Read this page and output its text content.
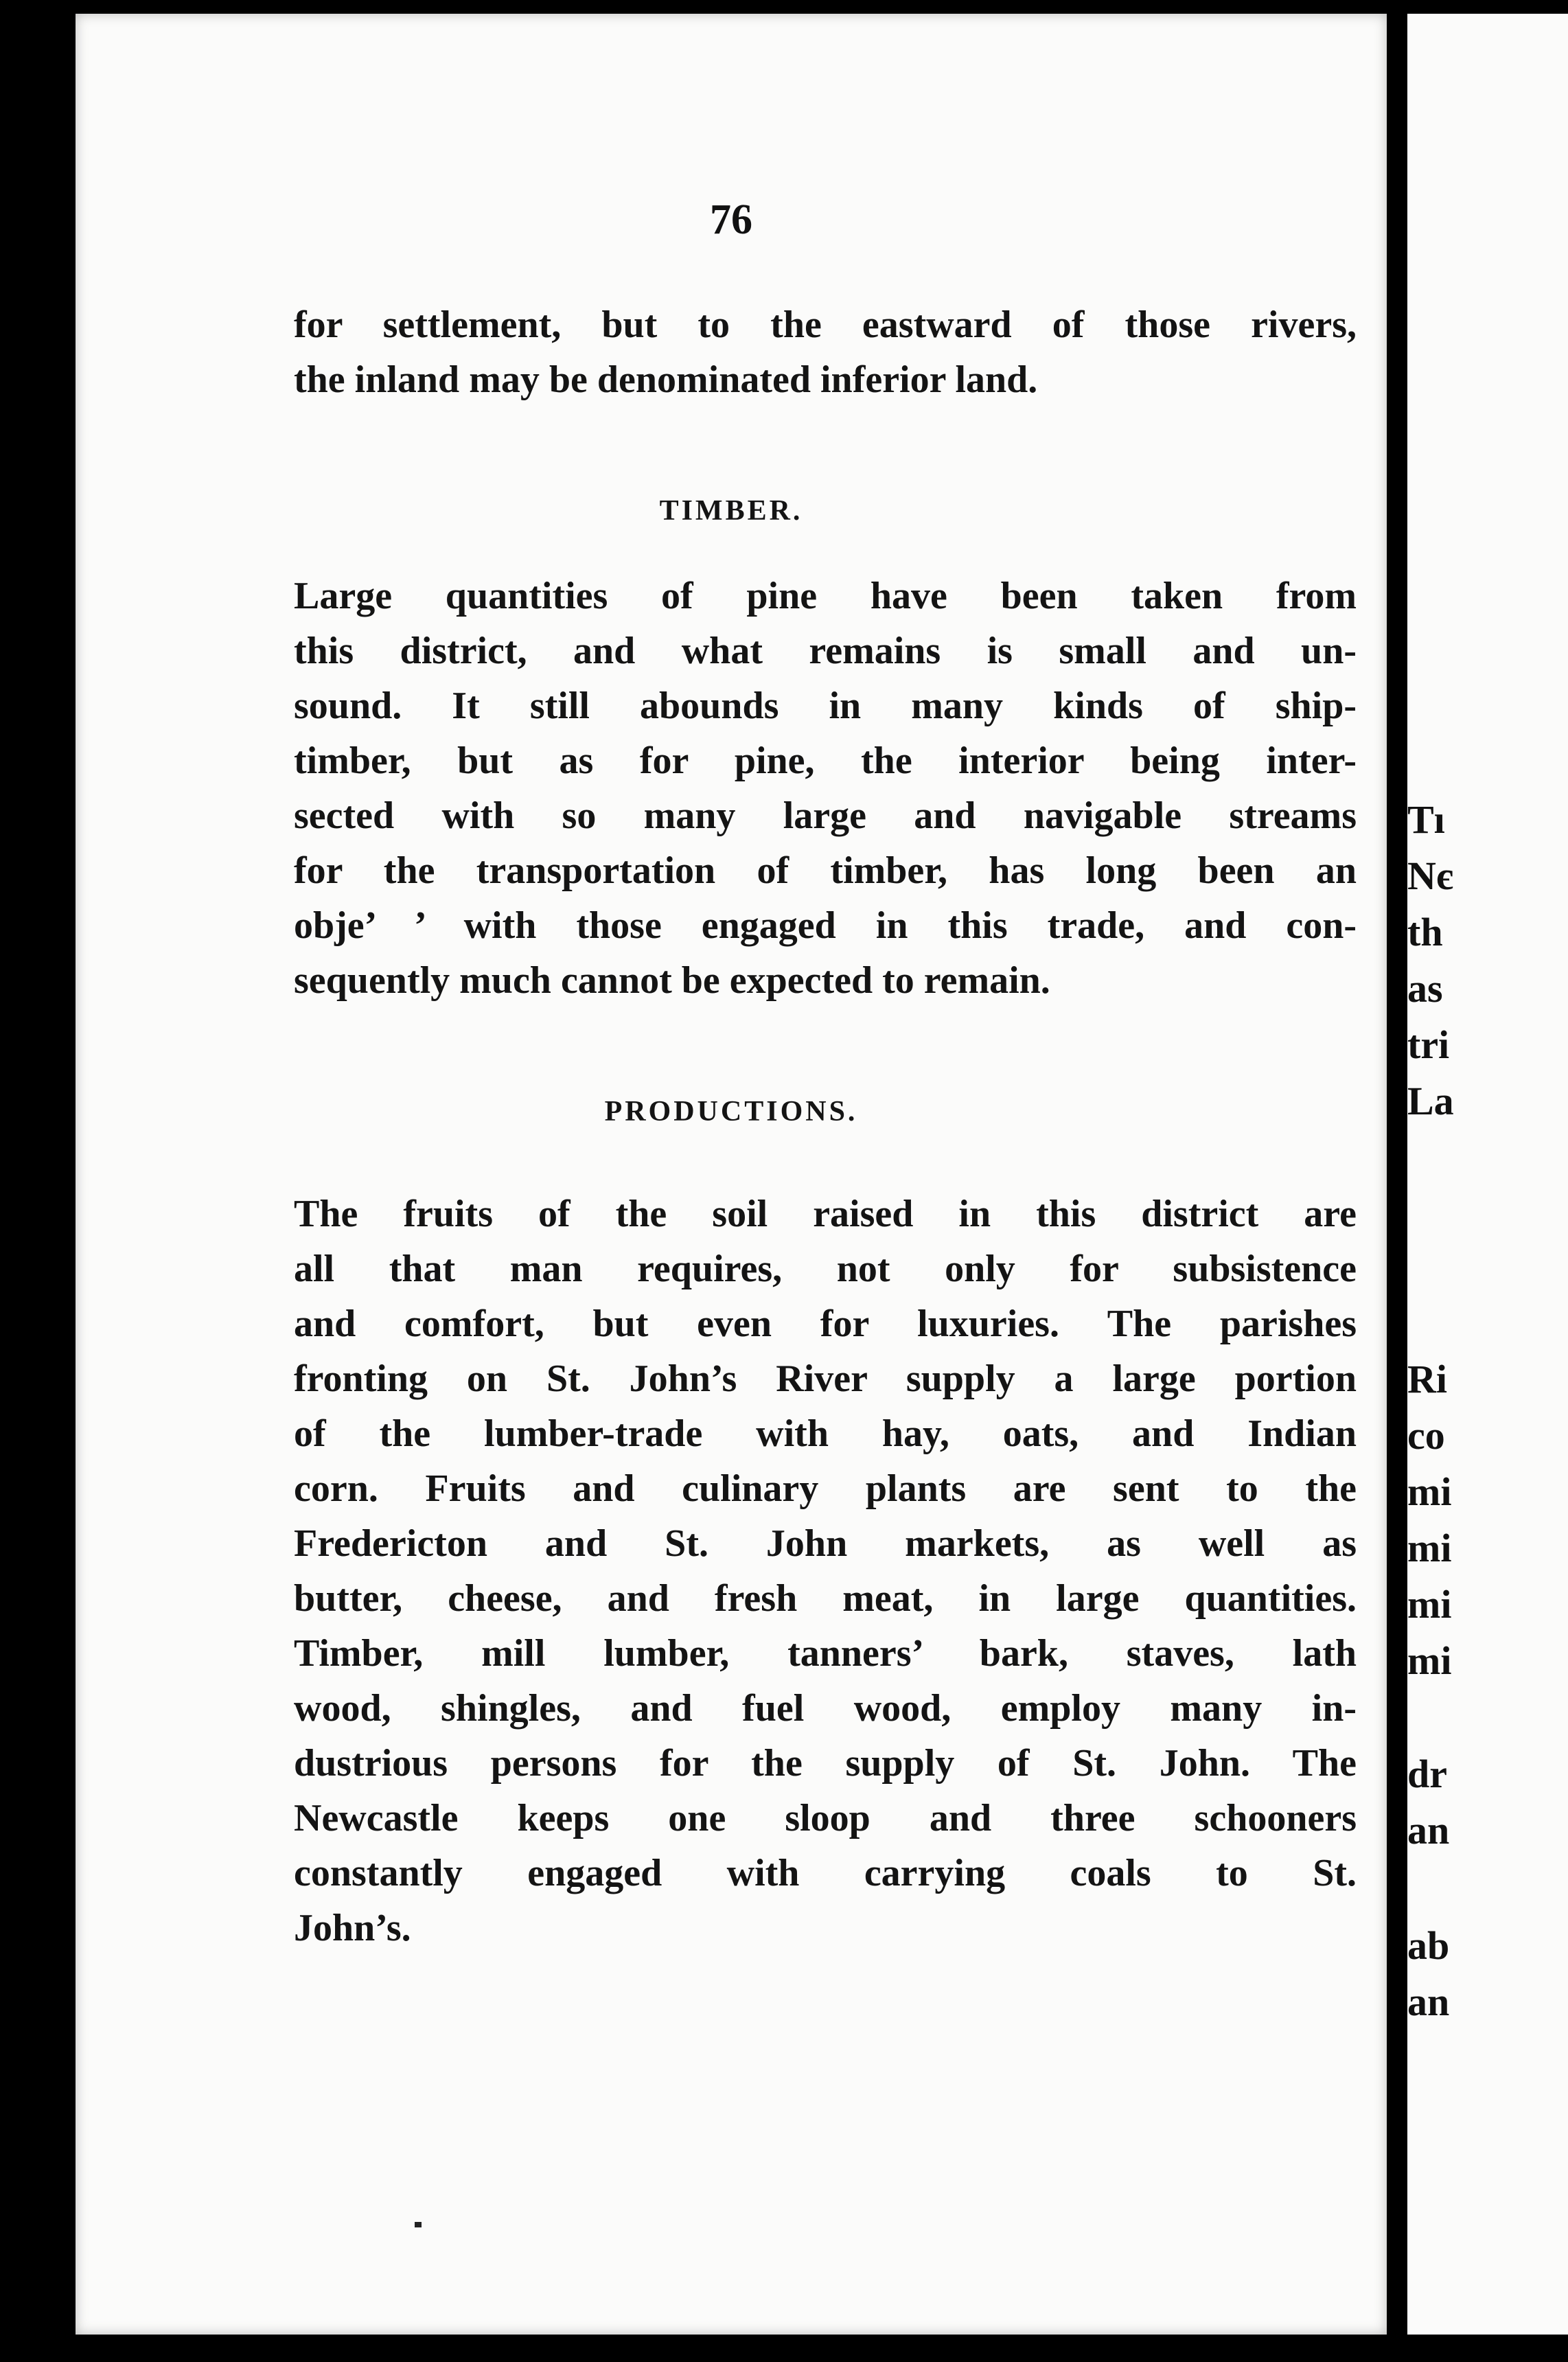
76
for settlement, but to the eastward of those rivers,
the inland may be denominated inferior land.
TIMBER.
Large quantities of pine have been taken from
this district, and what remains is small and un-
sound. It still abounds in many kinds of ship-
timber, but as for pine, the interior being inter-
sected with so many large and navigable streams
for the transportation of timber, has long been an
obje’ ’ with those engaged in this trade, and con-
sequently much cannot be expected to remain.
PRODUCTIONS.
The fruits of the soil raised in this district are
all that man requires, not only for subsistence
and comfort, but even for luxuries. The parishes
fronting on St. John’s River supply a large portion
of the lumber-trade with hay, oats, and Indian
corn. Fruits and culinary plants are sent to the
Fredericton and St. John markets, as well as
butter, cheese, and fresh meat, in large quantities.
Timber, mill lumber, tanners’ bark, staves, lath
wood, shingles, and fuel wood, employ many in-
dustrious persons for the supply of St. John. The
Newcastle keeps one sloop and three schooners
constantly engaged with carrying coals to St.
John’s.
Tı
Nє
th
as
tri
La
Ri
co
mi
mi
mi
mi
dr
an
ab
an
